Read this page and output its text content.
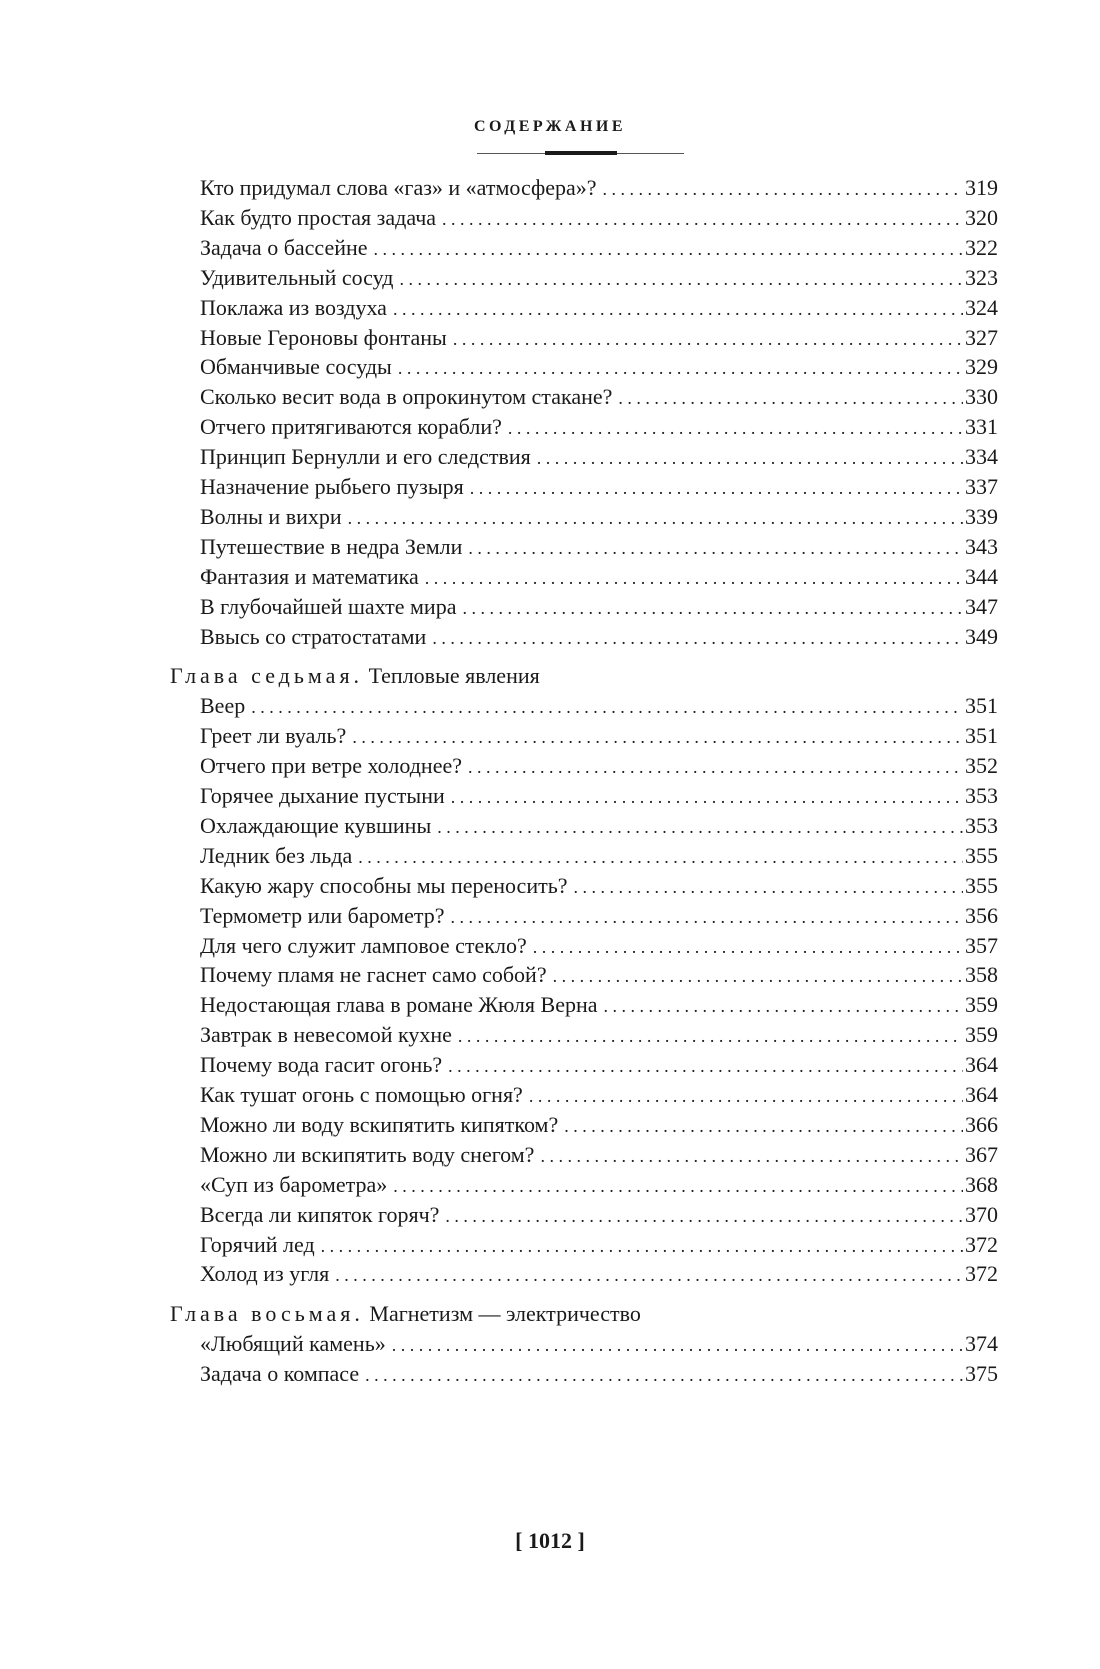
СОДЕРЖАНИЕ
Кто придумал слова «газ» и «атмосфера»? . . .	319
Как будто простая задача . . .	320
Задача о бассейне . . .	322
Удивительный сосуд . . .	323
Поклажа из воздуха . . .	324
Новые Героновы фонтаны . . .	327
Обманчивые сосуды . . .	329
Сколько весит вода в опрокинутом стакане? . . .	330
Отчего притягиваются корабли? . . .	331
Принцип Бернулли и его следствия . . .	334
Назначение рыбьего пузыря . . .	337
Волны и вихри . . .	339
Путешествие в недра Земли . . .	343
Фантазия и математика . . .	344
В глубочайшей шахте мира . . .	347
Ввысь со стратостатами . . .	349
Глава седьмая. Тепловые явления
Веер . . .	351
Греет ли вуаль? . . .	351
Отчего при ветре холоднее? . . .	352
Горячее дыхание пустыни . . .	353
Охлаждающие кувшины . . .	353
Ледник без льда . . .	355
Какую жару способны мы переносить? . . .	355
Термометр или барометр? . . .	356
Для чего служит ламповое стекло? . . .	357
Почему пламя не гаснет само собой? . . .	358
Недостающая глава в романе Жюля Верна . . .	359
Завтрак в невесомой кухне . . .	359
Почему вода гасит огонь? . . .	364
Как тушат огонь с помощью огня? . . .	364
Можно ли воду вскипятить кипятком? . . .	366
Можно ли вскипятить воду снегом? . . .	367
«Суп из барометра» . . .	368
Всегда ли кипяток горяч? . . .	370
Горячий лед . . .	372
Холод из угля . . .	372
Глава восьмая. Магнетизм — электричество
«Любящий камень» . . .	374
Задача о компасе . . .	375
[ 1012 ]
